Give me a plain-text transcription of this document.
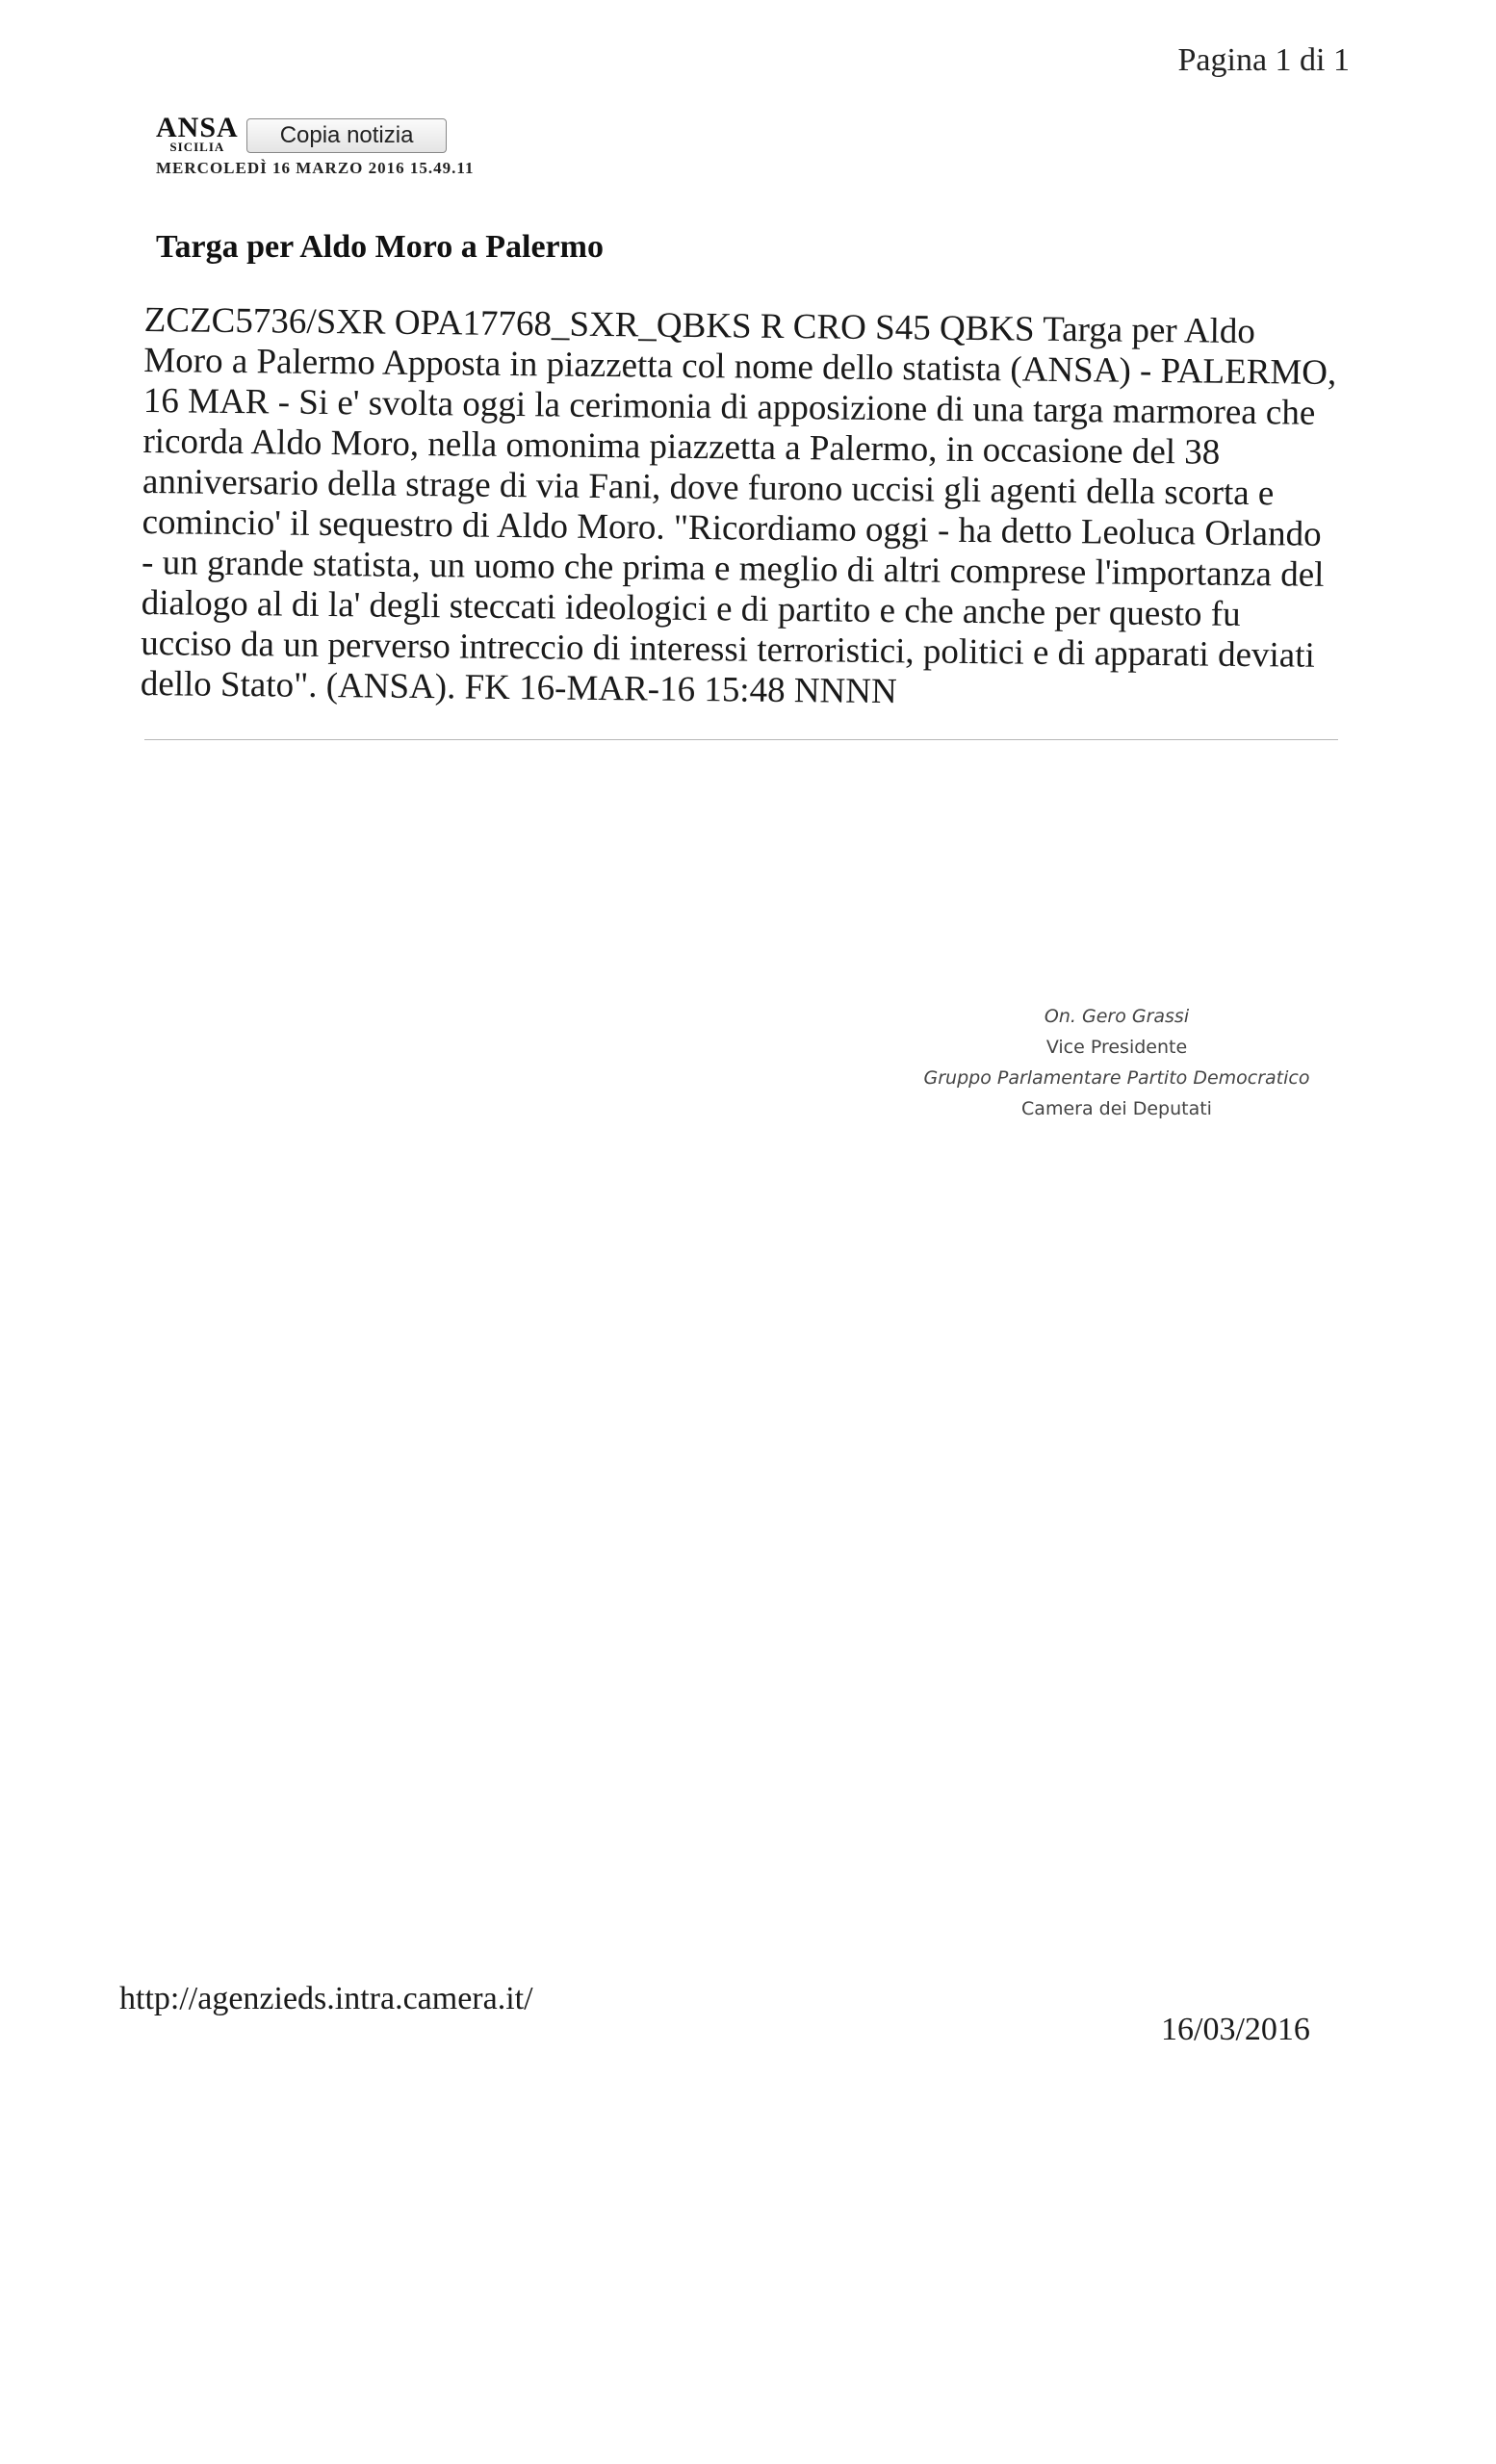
Pagina 1 di 1
ANSA
SICILIA	Copia notizia
MERCOLEDÌ 16 MARZO 2016 15.49.11
Targa per Aldo Moro a Palermo

ZCZC5736/SXR OPA17768_SXR_QBKS R CRO S45 QBKS Targa per Aldo Moro a Palermo Apposta in piazzetta col nome dello statista (ANSA) - PALERMO, 16 MAR - Si e' svolta oggi la cerimonia di apposizione di una targa marmorea che ricorda Aldo Moro, nella omonima piazzetta a Palermo, in occasione del 38 anniversario della strage di via Fani, dove furono uccisi gli agenti della scorta e comincio' il sequestro di Aldo Moro. "Ricordiamo oggi - ha detto Leoluca Orlando - un grande statista, un uomo che prima e meglio di altri comprese l'importanza del dialogo al di la' degli steccati ideologici e di partito e che anche per questo fu ucciso da un perverso intreccio di interessi terroristici, politici e di apparati deviati dello Stato". (ANSA). FK 16-MAR-16 15:48 NNNN

On. Gero Grassi
Vice Presidente
Gruppo Parlamentare Partito Democratico
Camera dei Deputati
http://agenzieds.intra.camera.it/
16/03/2016
